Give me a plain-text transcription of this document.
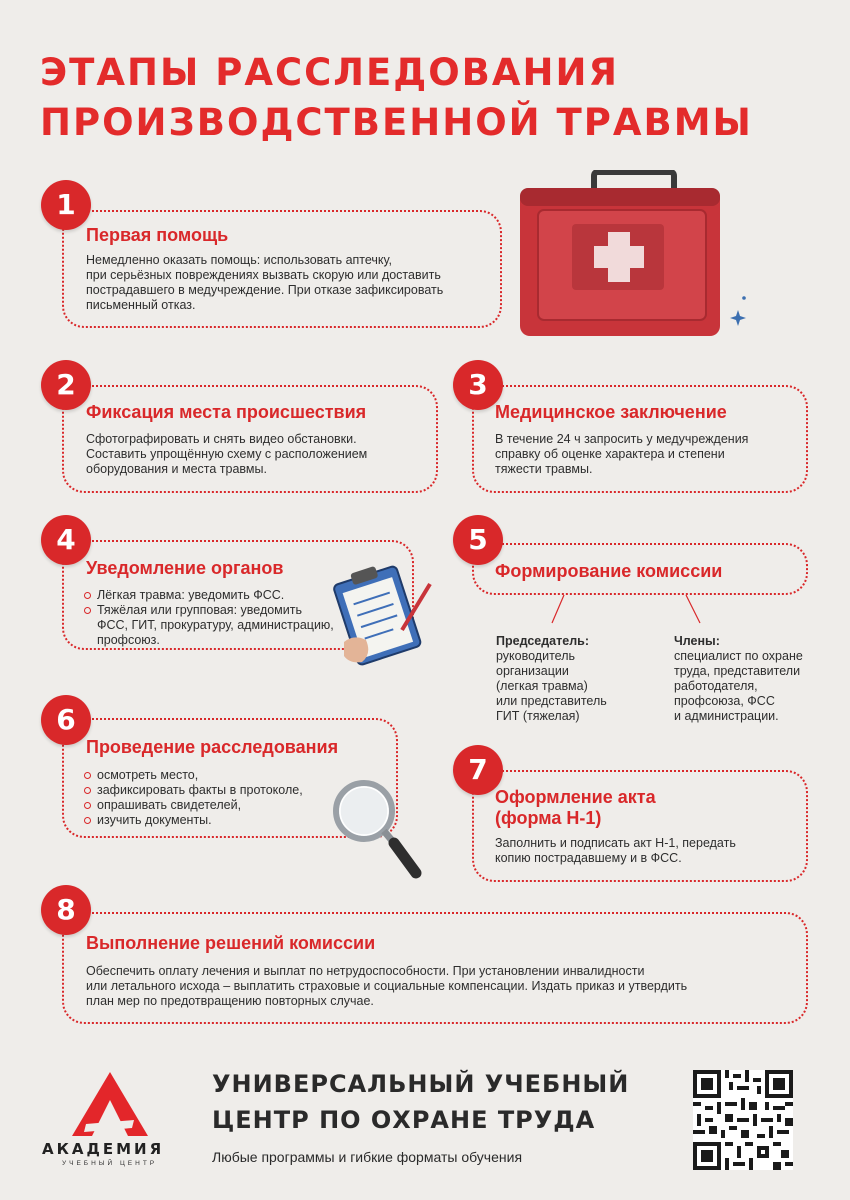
ЭТАПЫ РАССЛЕДОВАНИЯ
ПРОИЗВОДСТВЕННОЙ ТРАВМЫ
1
Первая помощь

Немедленно оказать помощь: использовать аптечку,
при серьёзных повреждениях вызвать скорую или доставить
пострадавшего в медучреждение. При отказе зафиксировать
письменный отказ.

2
Фиксация места происшествия

Сфотографировать и снять видео обстановки.
Составить упрощённую схему с расположением
оборудования и места травмы.

3
Медицинское заключение

В течение 24 ч запросить у медучреждения
справку об оценке характера и степени
тяжести травмы.

4
Уведомление органов
Лёгкая травма: уведомить ФСС.
Тяжёлая или групповая: уведомить ФСС, ГИТ, прокуратуру, администрацию, профсоюз.
5
Формирование комиссии
Председатель:

руководитель
организации
(легкая травма)
или представитель
ГИТ (тяжелая)

Члены:

специалист по охране
труда, представители
работодателя,
профсоюза, ФСС
и администрации.

6
Проведение расследования
осмотреть место,
зафиксировать факты в протоколе,
опрашивать свидетелей,
изучить документы.
7
Оформление акта
(форма Н-1)

Заполнить и подписать акт Н-1, передать
копию пострадавшему и в ФСС.

8
Выполнение решений комиссии

Обеспечить оплату лечения и выплат по нетрудоспособности. При установлении инвалидности
или летального исхода – выплатить страховые и социальные компенсации. Издать приказ и утвердить
план мер по предотвращению повторных случае.

АКАДЕМИЯ
УЧЕБНЫЙ ЦЕНТР
УНИВЕРСАЛЬНЫЙ УЧЕБНЫЙ
ЦЕНТР ПО ОХРАНЕ ТРУДА
Любые программы и гибкие форматы обучения
